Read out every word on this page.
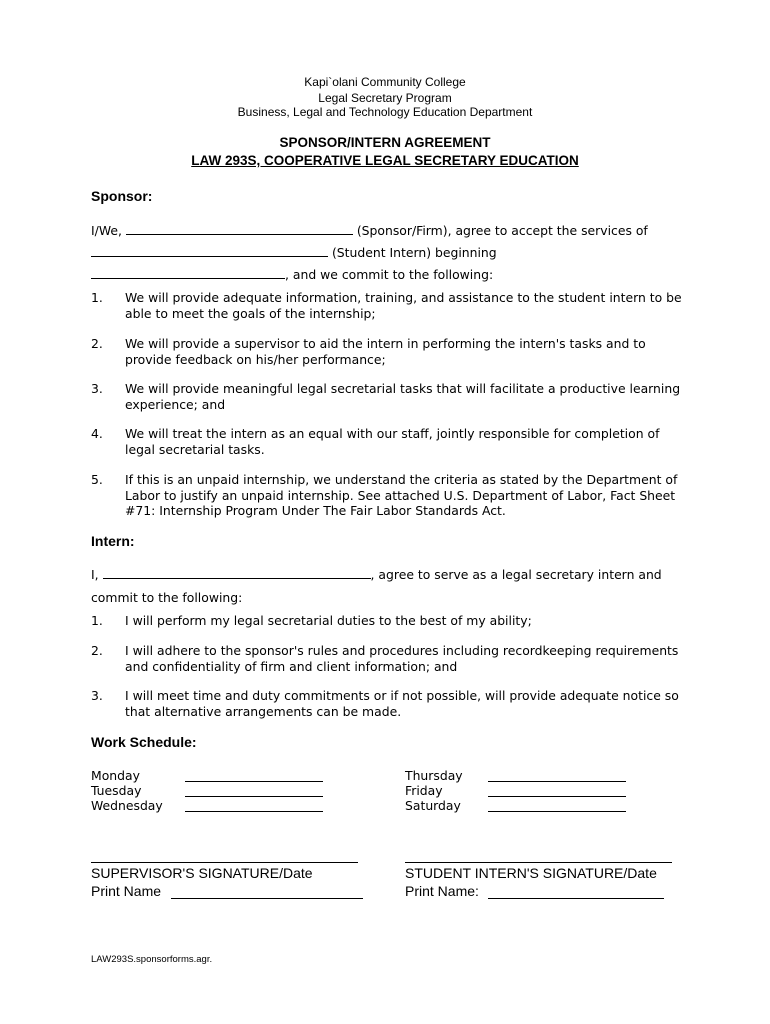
Kapi`olani Community College
Legal Secretary Program
Business, Legal and Technology Education Department
SPONSOR/INTERN AGREEMENT
LAW 293S, COOPERATIVE LEGAL SECRETARY EDUCATION
Sponsor:
I/We,	(Sponsor/Firm), agree to accept the services of
(Student Intern) beginning
, and we commit to the following:
1. We will provide adequate information, training, and assistance to the student intern to be able to meet the goals of the internship;
2. We will provide a supervisor to aid the intern in performing the intern's tasks and to provide feedback on his/her performance;
3. We will provide meaningful legal secretarial tasks that will facilitate a productive learning experience; and
4. We will treat the intern as an equal with our staff, jointly responsible for completion of legal secretarial tasks.
5. If this is an unpaid internship, we understand the criteria as stated by the Department of Labor to justify an unpaid internship. See attached U.S. Department of Labor, Fact Sheet #71: Internship Program Under The Fair Labor Standards Act.
Intern:
I,	, agree to serve as a legal secretary intern and
commit to the following:
1. I will perform my legal secretarial duties to the best of my ability;
2. I will adhere to the sponsor's rules and procedures including recordkeeping requirements and confidentiality of firm and client information; and
3. I will meet time and duty commitments or if not possible, will provide adequate notice so that alternative arrangements can be made.
Work Schedule:
Monday
Tuesday
Wednesday
Thursday
Friday
Saturday
SUPERVISOR'S SIGNATURE/Date
Print Name
STUDENT INTERN'S SIGNATURE/Date
Print Name:
LAW293S.sponsorforms.agr.
